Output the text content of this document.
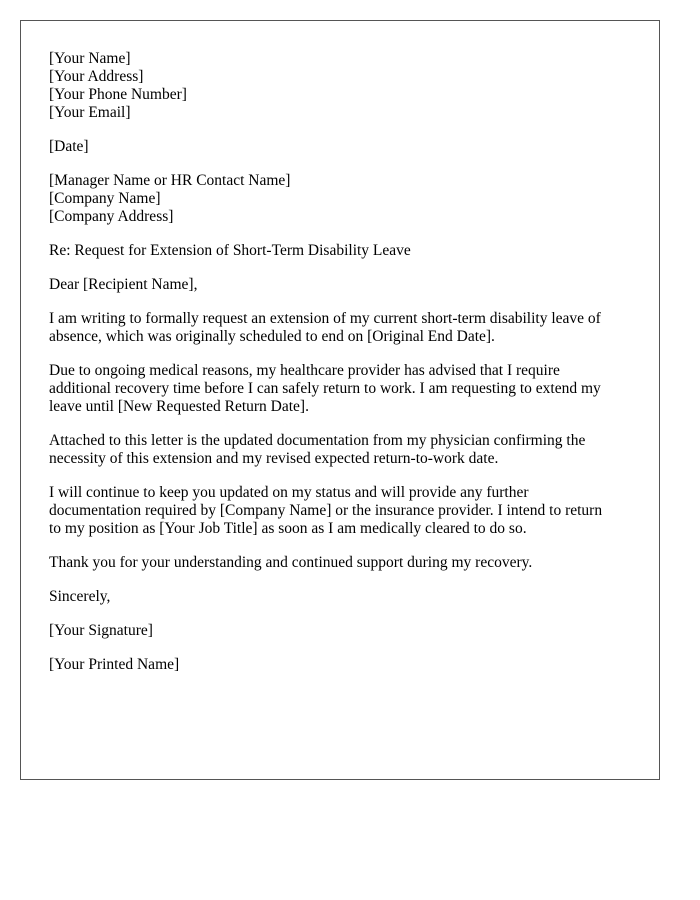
[Your Name]
[Your Address]
[Your Phone Number]
[Your Email]
[Date]
[Manager Name or HR Contact Name]
[Company Name]
[Company Address]
Re: Request for Extension of Short-Term Disability Leave
Dear [Recipient Name],
I am writing to formally request an extension of my current short-term disability leave of
absence, which was originally scheduled to end on [Original End Date].
Due to ongoing medical reasons, my healthcare provider has advised that I require
additional recovery time before I can safely return to work. I am requesting to extend my
leave until [New Requested Return Date].
Attached to this letter is the updated documentation from my physician confirming the
necessity of this extension and my revised expected return-to-work date.
I will continue to keep you updated on my status and will provide any further
documentation required by [Company Name] or the insurance provider. I intend to return
to my position as [Your Job Title] as soon as I am medically cleared to do so.
Thank you for your understanding and continued support during my recovery.
Sincerely,
[Your Signature]
[Your Printed Name]
